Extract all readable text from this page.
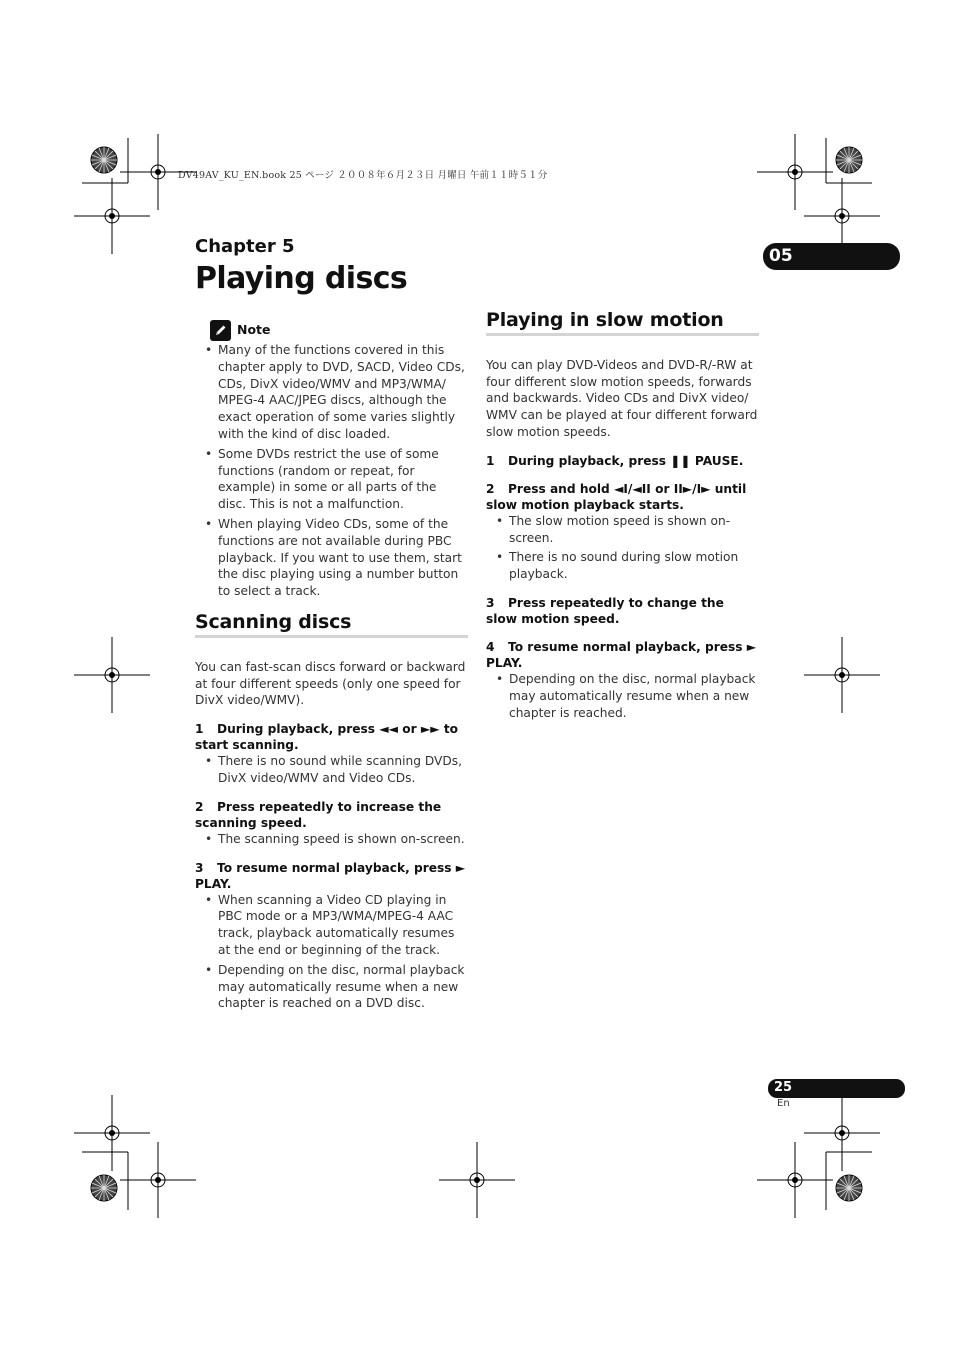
DV49AV_KU_EN.book 25 ページ ２００８年６月２３日 月曜日 午前１１時５１分
05
Chapter 5
Playing discs
Note
• Many of the functions covered in this chapter apply to DVD, SACD, Video CDs, CDs, DivX video/WMV and MP3/WMA/ MPEG-4 AAC/JPEG discs, although the exact operation of some varies slightly with the kind of disc loaded.
• Some DVDs restrict the use of some functions (random or repeat, for example) in some or all parts of the disc. This is not a malfunction.
• When playing Video CDs, some of the functions are not available during PBC playback. If you want to use them, start the disc playing using a number button to select a track.
Scanning discs

You can fast-scan discs forward or backward at four different speeds (only one speed for DivX video/WMV).

1 During playback, press ◄◄ or ►► to start scanning.

• There is no sound while scanning DVDs, DivX video/WMV and Video CDs.

2 Press repeatedly to increase the scanning speed.

• The scanning speed is shown on-screen.

3 To resume normal playback, press ► PLAY.

• When scanning a Video CD playing in PBC mode or a MP3/WMA/MPEG-4 AAC track, playback automatically resumes at the end or beginning of the track.
• Depending on the disc, normal playback may automatically resume when a new chapter is reached on a DVD disc.
Playing in slow motion

You can play DVD-Videos and DVD-R/-RW at four different slow motion speeds, forwards and backwards. Video CDs and DivX video/ WMV can be played at four different forward slow motion speeds.

1 During playback, press ❚❚ PAUSE.

2 Press and hold ◄I/◄II or II►/I► until slow motion playback starts.

• The slow motion speed is shown on-screen.
• There is no sound during slow motion playback.

3 Press repeatedly to change the slow motion speed.

4 To resume normal playback, press ► PLAY.

• Depending on the disc, normal playback may automatically resume when a new chapter is reached.
25
En
